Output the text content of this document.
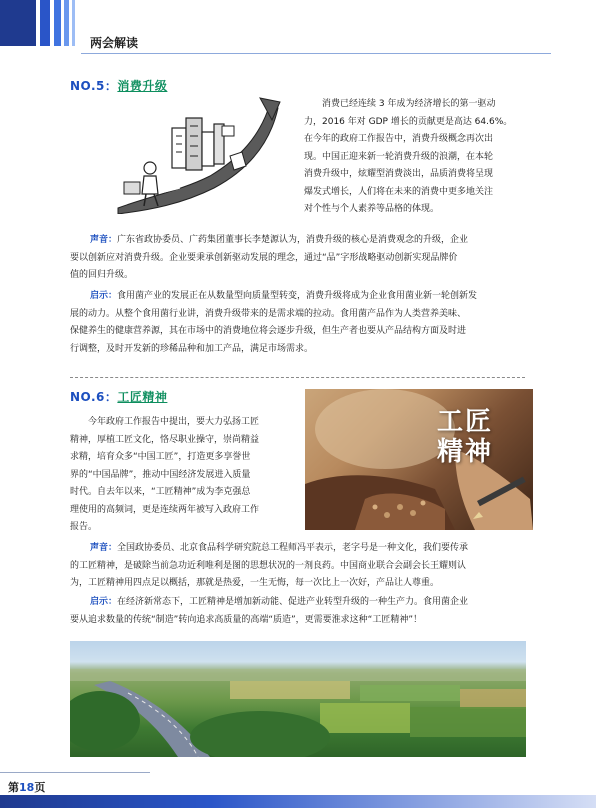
两会解读
NO.5：消费升级
消费已经连续 3 年成为经济增长的第一驱动
力，2016 年对 GDP 增长的贡献更是高达 64.6%。
在今年的政府工作报告中，消费升级概念再次出
现。中国正迎来新一轮消费升级的浪潮，在本轮
消费升级中，炫耀型消费淡出，品质消费将呈现
爆发式增长，人们将在未来的消费中更多地关注
对个性与个人素养等品格的体现。
声音：广东省政协委员、广药集团董事长李楚源认为，消费升级的核心是消费观念的升级，企业
要以创新应对消费升级。企业要秉承创新驱动发展的理念，通过“品”字形战略驱动创新实现品牌价
值的回归升级。
启示：食用菌产业的发展正在从数量型向质量型转变，消费升级将成为企业食用菌业新一轮创新发
展的动力。从整个食用菌行业讲，消费升级带来的是需求端的拉动。食用菌产品作为人类营养美味、
保健养生的健康营养源，其在市场中的消费地位将会逐步升级，但生产者也要从产品结构方面及时进
行调整，及时开发新的珍稀品种和加工产品，满足市场需求。
NO.6：工匠精神
今年政府工作报告中提出，要大力弘扬工匠
精神，厚植工匠文化，恪尽职业操守，崇尚精益
求精，培育众多“中国工匠”，打造更多享誉世
界的“中国品牌”，推动中国经济发展进入质量
时代。自去年以来，“工匠精神”成为李克强总
理使用的高频词，更是连续两年被写入政府工作
报告。
工匠
精神
声音：全国政协委员、北京食品科学研究院总工程师冯平表示，老字号是一种文化，我们要传承
的工匠精神，是破除当前急功近利唯利是图的思想状况的一剂良药。中国商业联合会副会长王耀则认
为，工匠精神用四点足以概括，那就是热爱，一生无悔，每一次比上一次好，产品让人尊重。
启示：在经济新常态下，工匠精神是增加新动能、促进产业转型升级的一种生产力。食用菌企业
要从追求数量的传统“制造”转向追求高质量的高端“质造”，更需要淮求这种“工匠精神”！
第18页
